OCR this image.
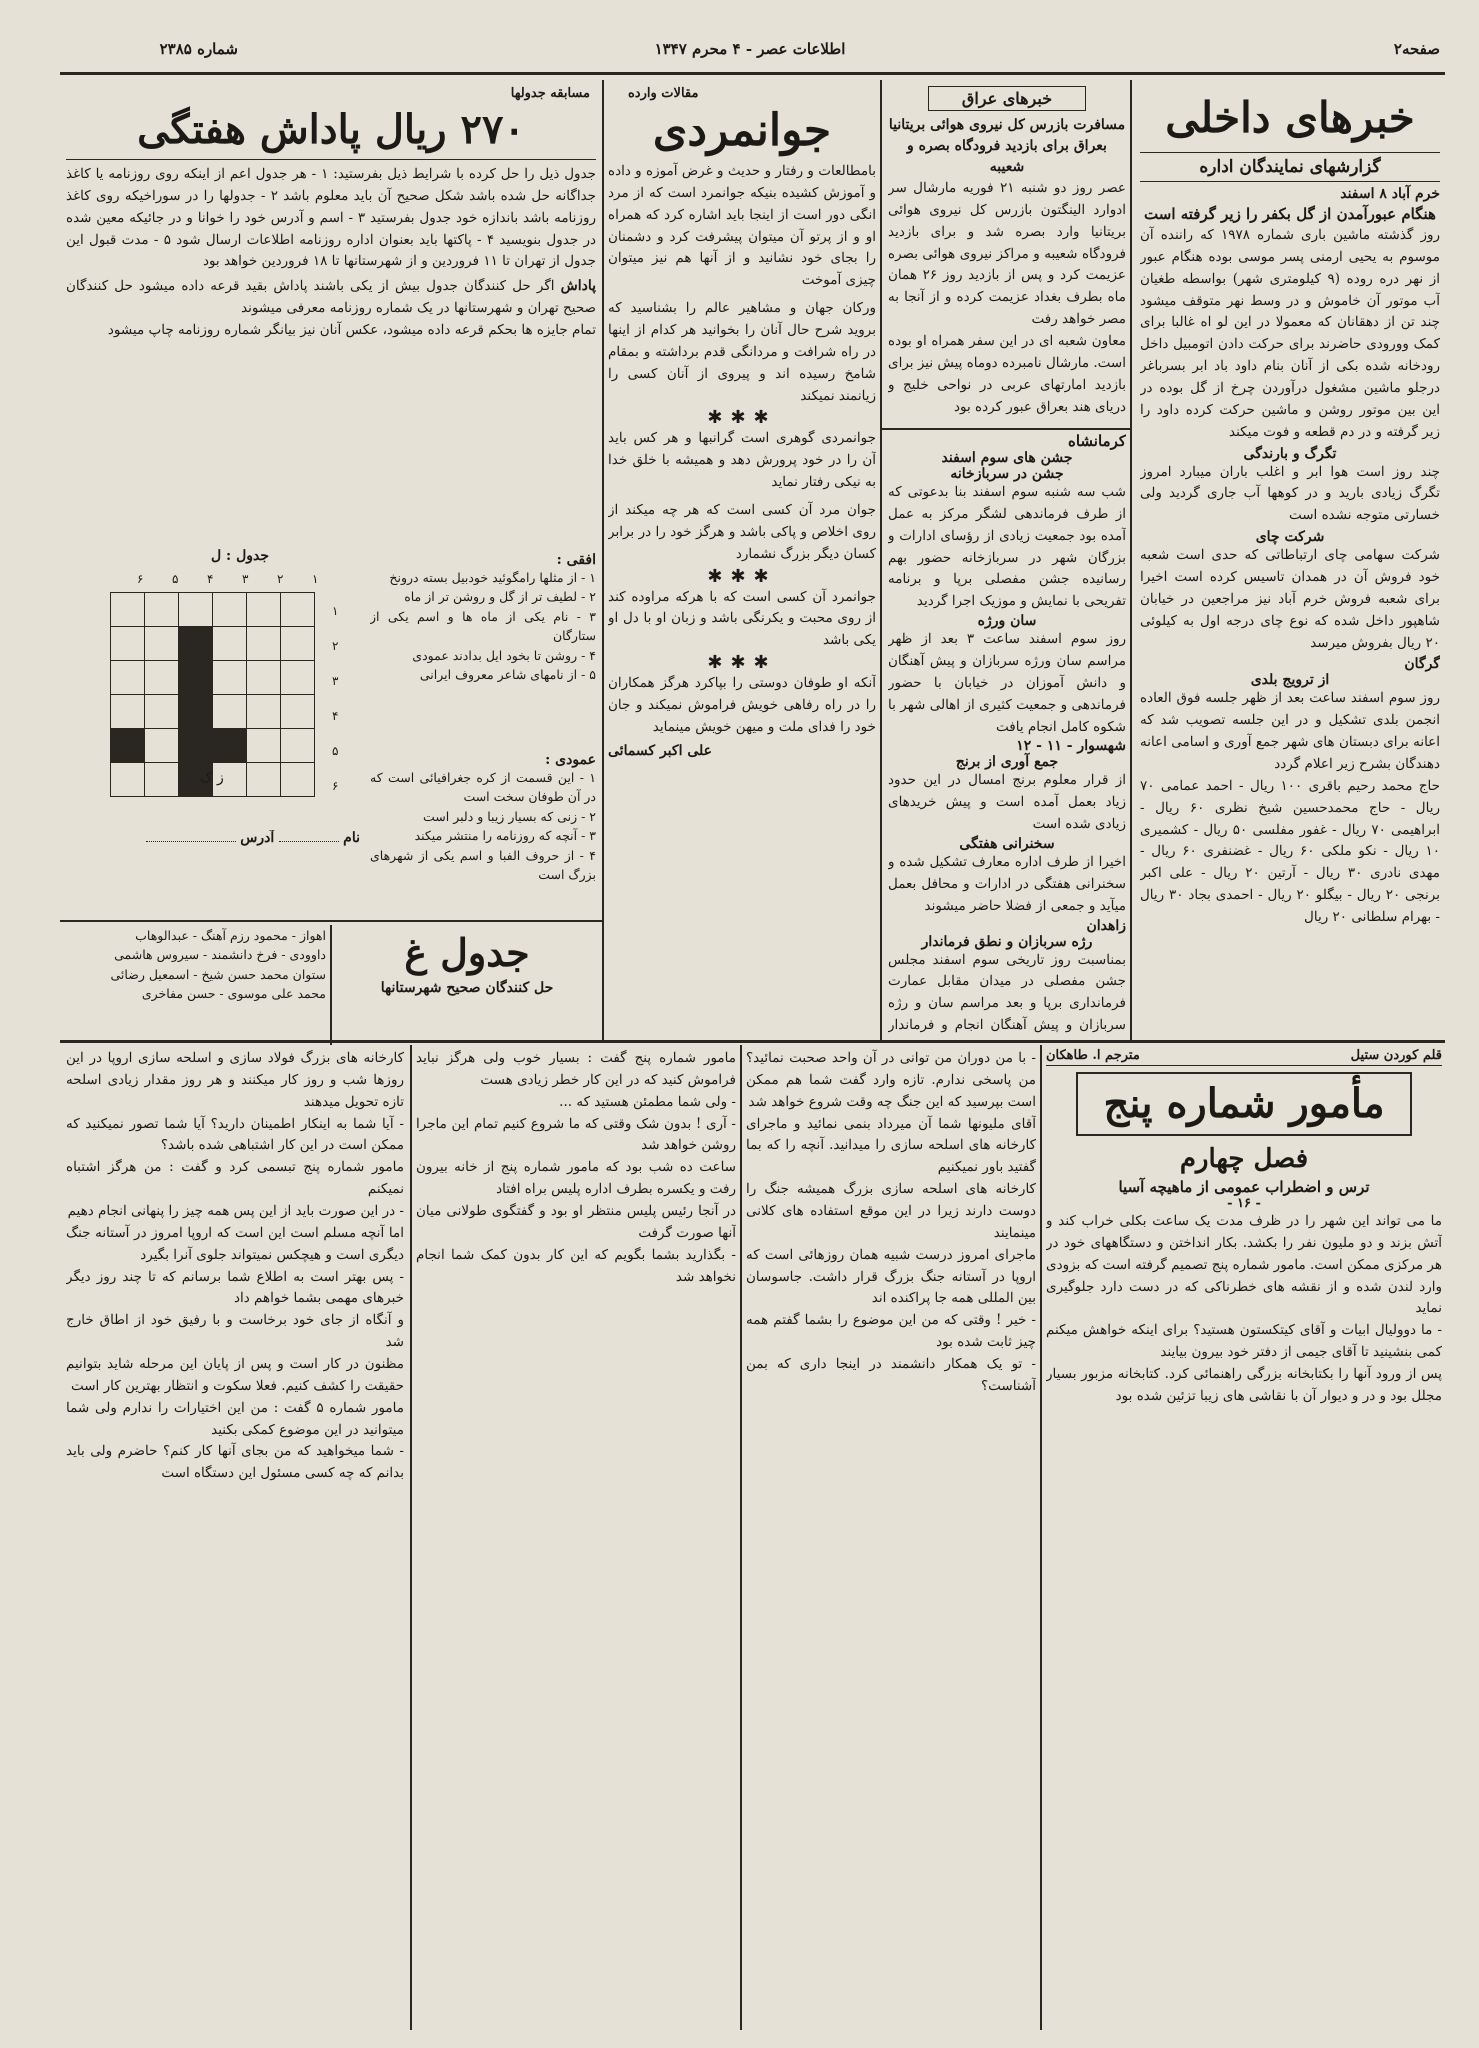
صفحه۲
اطلاعات عصر - ۴ محرم ۱۳۴۷
شماره ۲۳۸۵
خبرهای داخلی
گزارشهای نمایندگان اداره
خرم آباد ۸ اسفند
هنگام عبورآمدن از گل بکفر را زیر گرفته است
روز گذشته ماشین باری شماره ۱۹۷۸ که راننده آن موسوم به یحیی ارمنی پسر موسی بوده هنگام عبور از نهر دره روده (۹ کیلومتری شهر) بواسطه طغیان آب موتور آن خاموش و در وسط نهر متوقف میشود چند تن از دهقانان که معمولا در این لو اه غالبا برای کمک وورودی حاضرند برای حرکت دادن اتومبیل داخل رودخانه شده بکی از آنان بنام داود باد ابر بسرباغر درجلو ماشین مشغول درآوردن چرخ از گل بوده در این بین موتور روشن و ماشین حرکت کرده داود را زیر گرفته و در دم قطعه و فوت میکند
تگرگ و بارندگی
چند روز است هوا ابر و اغلب باران میبارد امروز تگرگ زیادی بارید و در کوهها آب جاری گردید ولی خسارتی متوجه نشده است
شرکت چای
شرکت سهامی چای ارتباطاتی که حدی است شعبه خود فروش آن در همدان تاسیس کرده است اخیرا برای شعبه فروش خرم آباد نیز مراجعین در خیابان شاهپور داخل شده که نوع چای درجه اول به کیلوئی ۲۰ ریال بفروش میرسد
گرگان
از ترویج بلدی
روز سوم اسفند ساعت بعد از ظهر جلسه فوق العاده انجمن بلدی تشکیل و در این جلسه تصویب شد که اعانه برای دبستان های شهر جمع آوری و اسامی اعانه دهندگان بشرح زیر اعلام گردد
حاج محمد رحیم باقری ۱۰۰ ریال - احمد عمامی ۷۰ ریال - حاج محمدحسین شیخ نظری ۶۰ ریال - ابراهیمی ۷۰ ریال - غفور مفلسی ۵۰ ریال - کشمیری ۱۰ ریال - نکو ملکی ۶۰ ریال - غضنفری ۶۰ ریال - مهدی نادری ۳۰ ریال - آرتین ۲۰ ریال - علی اکبر برنجی ۲۰ ریال - بیگلو ۲۰ ریال - احمدی بجاد ۳۰ ریال - بهرام سلطانی ۲۰ ریال
خبرهای عراق
مسافرت بازرس کل نیروی هوائی بریتانیا بعراق برای بازدید فرودگاه بصره و شعیبه
عصر روز دو شنبه ۲۱ فوریه مارشال سر ادوارد الینگتون بازرس کل نیروی هوائی بریتانیا وارد بصره شد و برای بازدید فرودگاه شعیبه و مراکز نیروی هوائی بصره عزیمت کرد و پس از بازدید روز ۲۶ همان ماه بطرف بغداد عزیمت کرده و از آنجا به مصر خواهد رفت
معاون شعبه ای در این سفر همراه او بوده است. مارشال نامبرده دوماه پیش نیز برای بازدید امارتهای عربی در نواحی خلیج و دریای هند بعراق عبور کرده بود
کرمانشاه
جشن های سوم اسفند
جشن در سربازخانه
شب سه شنبه سوم اسفند بنا بدعوتی که از طرف فرماندهی لشگر مرکز به عمل آمده بود جمعیت زیادی از رؤسای ادارات و بزرگان شهر در سربازخانه حضور بهم رسانیده جشن مفصلی برپا و برنامه تفریحی با نمایش و موزیک اجرا گردید
سان ورژه
روز سوم اسفند ساعت ۳ بعد از ظهر مراسم سان ورژه سربازان و پیش آهنگان و دانش آموزان در خیابان با حضور فرماندهی و جمعیت کثیری از اهالی شهر با شکوه کامل انجام یافت
شهسوار - ۱۱ - ۱۲
جمع آوری از برنج
از قرار معلوم برنج امسال در این حدود زیاد بعمل آمده است و پیش خریدهای زیادی شده است
سخنرانی هفتگی
اخیرا از طرف اداره معارف تشکیل شده و سخنرانی هفتگی در ادارات و محافل بعمل میآید و جمعی از فضلا حاضر میشوند
زاهدان
رژه سربازان و نطق فرماندار
بمناسبت روز تاریخی سوم اسفند مجلس جشن مفصلی در میدان مقابل عمارت فرمانداری برپا و بعد مراسم سان و رژه سربازان و پیش آهنگان انجام و فرماندار
مقالات وارده
جوانمردی
بامطالعات و رفتار و حدیث و غرض آموزه و داده و آموزش کشیده بنیکه جوانمرد است که از مرد انگی دور است از اینجا باید اشاره کرد که همراه او و از پرتو آن میتوان پیشرفت کرد و دشمنان را بجای خود نشانید و از آنها هم نیز میتوان چیزی آموخت
ورکان جهان و مشاهیر عالم را بشناسید که بروید شرح حال آنان را بخوانید هر کدام از اینها در راه شرافت و مردانگی قدم برداشته و بمقام شامخ رسیده اند و پیروی از آنان کسی را زیانمند نمیکند
✱✱✱
جوانمردی گوهری است گرانبها و هر کس باید آن را در خود پرورش دهد و همیشه با خلق خدا به نیکی رفتار نماید
جوان مرد آن کسی است که هر چه میکند از روی اخلاص و پاکی باشد و هرگز خود را در برابر کسان دیگر بزرگ نشمارد
✱✱✱
جوانمرد آن کسی است که با هرکه مراوده کند از روی محبت و یکرنگی باشد و زبان او با دل او یکی باشد
✱✱✱
آنکه او طوفان دوستی را بپاکرد هرگز همکاران را در راه رفاهی خویش فراموش نمیکند و جان خود را فدای ملت و میهن خویش مینماید
علی اکبر کسمائی
مسابقه جدولها
۲۷۰ ریال پاداش هفتگی
جدول ذیل را حل کرده با شرایط ذیل بفرستید: ۱ - هر جدول اعم از اینکه روی روزنامه یا کاغذ جداگانه حل شده باشد شکل صحیح آن باید معلوم باشد ۲ - جدولها را در سوراخیکه روی کاغذ روزنامه باشد باندازه خود جدول بفرستید ۳ - اسم و آدرس خود را خوانا و در جائیکه معین شده در جدول بنویسید ۴ - پاکتها باید بعنوان اداره روزنامه اطلاعات ارسال شود ۵ - مدت قبول این جدول از تهران تا ۱۱ فروردین و از شهرستانها تا ۱۸ فروردین خواهد بود
پاداش اگر حل کنندگان جدول بیش از یکی باشند پاداش بقید قرعه داده میشود حل کنندگان صحیح تهران و شهرستانها در یک شماره روزنامه معرفی میشوند
تمام جایزه ها بحکم قرعه داده میشود، عکس آنان نیز بیانگر شماره روزنامه چاپ میشود
جدول : ل
۱
۲
۳
۴
۵
۶

۱
۲
۳
۴
۵
۶
ز ک
افقی :
۱ - از مثلها رامگوئید خودبیل بسته درونخ
۲ - لطیف تر از گل و روشن تر از ماه
۳ - نام یکی از ماه ها و اسم یکی از ستارگان
۴ - روشن تا بخود ایل بدادند عمودی
۵ - از نامهای شاعر معروف ایرانی
عمودی :
۱ - این قسمت از کره جغرافیائی است که در آن طوفان سخت است
۲ - زنی که بسیار زیبا و دلبر است
۳ - آنچه که روزنامه را منتشر میکند
۴ - از حروف الفبا و اسم یکی از شهرهای بزرگ است
نام  آدرس
جدول غ
حل کنندگان صحیح شهرستانها
اهواز - محمود رزم آهنگ - عبدالوهاب
داوودی - فرخ دانشمند - سیروس هاشمی
ستوان محمد حسن شیخ - اسمعیل رضائی
محمد علی موسوی - حسن مفاخری
کارخانه های بزرگ فولاد سازی و اسلحه سازی اروپا در این روزها شب و روز کار میکنند و هر روز مقدار زیادی اسلحه تازه تحویل میدهند
- آیا شما به اینکار اطمینان دارید؟ آیا شما تصور نمیکنید که ممکن است در این کار اشتباهی شده باشد؟
مامور شماره پنج تبسمی کرد و گفت : من هرگز اشتباه نمیکنم
- در این صورت باید از این پس همه چیز را پنهانی انجام دهیم
اما آنچه مسلم است این است که اروپا امروز در آستانه جنگ دیگری است و هیچکس نمیتواند جلوی آنرا بگیرد
- پس بهتر است به اطلاع شما برسانم که تا چند روز دیگر خبرهای مهمی بشما خواهم داد
و آنگاه از جای خود برخاست و با رفیق خود از اطاق خارج شد
مظنون در کار است و پس از پایان این مرحله شاید بتوانیم حقیقت را کشف کنیم. فعلا سکوت و انتظار بهترین کار است
مامور شماره ۵ گفت : من این اختیارات را ندارم ولی شما میتوانید در این موضوع کمکی بکنید
- شما میخواهید که من بجای آنها کار کنم؟ حاضرم ولی باید بدانم که چه کسی مسئول این دستگاه است
قلم کوردن ستیل
مترجم ا. طاهکان
مأمور شماره پنج
فصل چهارم
ترس و اضطراب عمومی از ماهیچه آسیا
- ۱۶ -
ما می تواند این شهر را در ظرف مدت یک ساعت بکلی خراب کند و آتش بزند و دو ملیون نفر را بکشد. بکار انداختن و دستگاههای خود در هر مرکزی ممکن است. مامور شماره پنج تصمیم گرفته است که بزودی وارد لندن شده و از نقشه های خطرناکی که در دست دارد جلوگیری نماید
- ما دوولیال ابیات و آقای کیتکستون هستید؟ برای اینکه خواهش میکنم کمی بنشینید تا آقای جیمی از دفتر خود بیرون بیایند
پس از ورود آنها را بکتابخانه بزرگی راهنمائی کرد. کتابخانه مزبور بسیار مجلل بود و در و دیوار آن با نقاشی های زیبا تزئین شده بود
- با من دوران من توانی در آن واحد صحبت نمائید؟ من پاسخی ندارم. تازه وارد گفت شما هم ممکن است بپرسید که این جنگ چه وقت شروع خواهد شد
آقای ملیونها شما آن میرداد بنمی نمائید و ماجرای کارخانه های اسلحه سازی را میدانید. آنچه را که بما گفتید باور نمیکنیم
کارخانه های اسلحه سازی بزرگ همیشه جنگ را دوست دارند زیرا در این موقع استفاده های کلانی مینمایند
ماجرای امروز درست شبیه همان روزهائی است که اروپا در آستانه جنگ بزرگ قرار داشت. جاسوسان بین المللی همه جا پراکنده اند
- خیر ! وقتی که من این موضوع را بشما گفتم همه چیز ثابت شده بود
- تو یک همکار دانشمند در اینجا داری که بمن آشناست؟
مامور شماره پنج گفت : بسیار خوب ولی هرگز نباید فراموش کنید که در این کار خطر زیادی هست
- ولی شما مطمئن هستید که ...
- آری ! بدون شک وقتی که ما شروع کنیم تمام این ماجرا روشن خواهد شد
ساعت ده شب بود که مامور شماره پنج از خانه بیرون رفت و یکسره بطرف اداره پلیس براه افتاد
در آنجا رئیس پلیس منتظر او بود و گفتگوی طولانی میان آنها صورت گرفت
- بگذارید بشما بگویم که این کار بدون کمک شما انجام نخواهد شد
